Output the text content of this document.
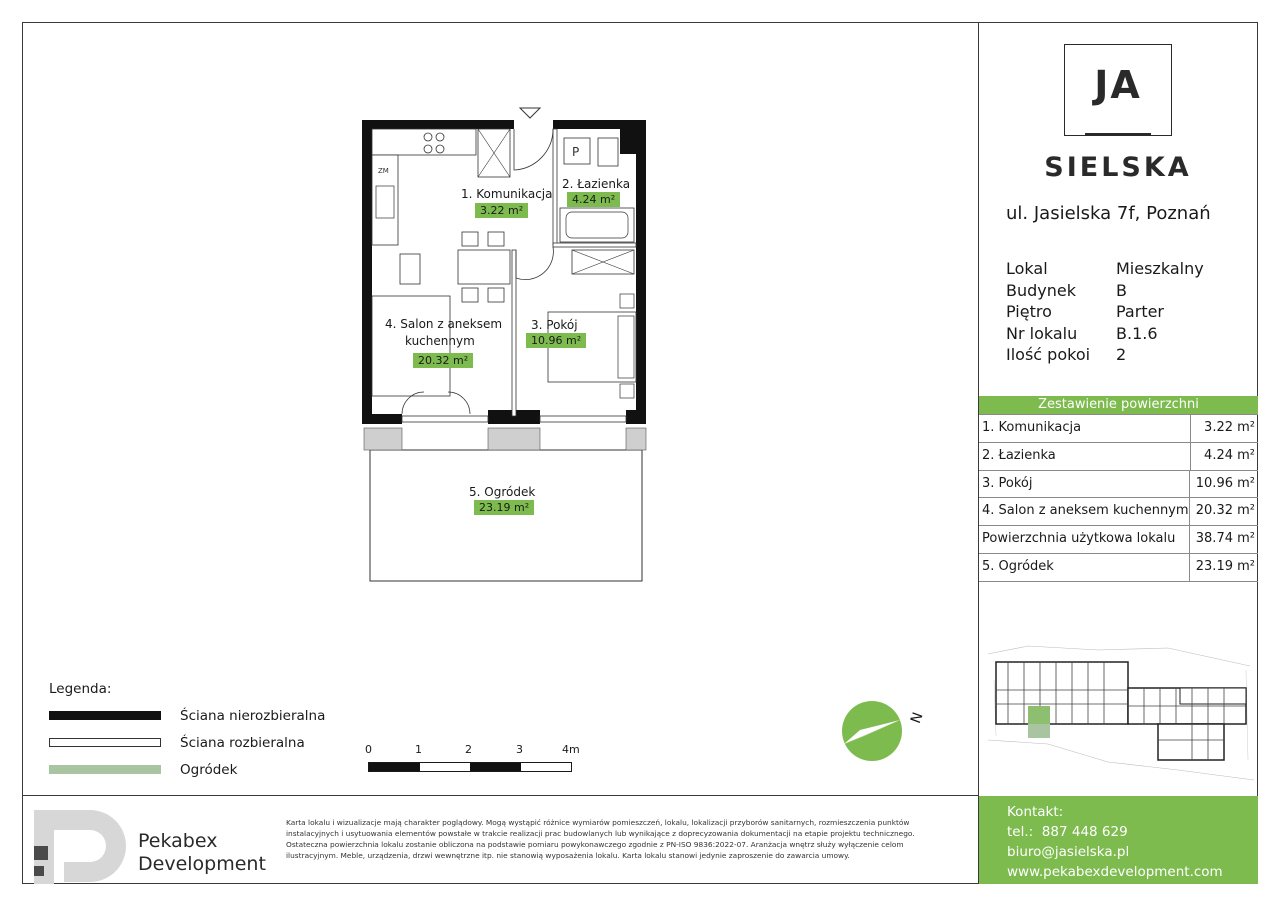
ZM
P
1. Komunikacja
3.22 m²
2. Łazienka
4.24 m²
3. Pokój
10.96 m²
4. Salon z aneksem
kuchennym
20.32 m²
5. Ogródek
23.19 m²
N
Legenda:
Ściana nierozbieralna
Ściana rozbieralna
Ogródek
0	1	2	3	4m
JA
SIELSKA
ul. Jasielska 7f, Poznań
Lokal	Mieszkalny
Budynek	B
Piętro	Parter
Nr lokalu	B.1.6
Ilość pokoi	2
Zestawienie powierzchni
1. Komunikacja	3.22 m²
2. Łazienka	4.24 m²
3. Pokój	10.96 m²
4. Salon z aneksem kuchennym 20.32 m²
Powierzchnia użytkowa lokalu	38.74 m²
5. Ogródek	23.19 m²
Kontakt:
tel.: 887 448 629
biuro@jasielska.pl
www.pekabexdevelopment.com
Pekabex
Development
Karta lokalu i wizualizacje mają charakter poglądowy. Mogą wystąpić różnice wymiarów pomieszczeń, lokalu, lokalizacji przyborów sanitarnych, rozmieszczenia punktów instalacyjnych i usytuowania elementów powstałe w trakcie realizacji prac budowlanych lub wynikające z doprecyzowania dokumentacji na etapie projektu technicznego. Ostateczna powierzchnia lokalu zostanie obliczona na podstawie pomiaru powykonawczego zgodnie z PN-ISO 9836:2022-07. Aranżacja wnętrz służy wyłączenie celom ilustracyjnym. Meble, urządzenia, drzwi wewnętrzne itp. nie stanowią wyposażenia lokalu. Karta lokalu stanowi jedynie zaproszenie do zawarcia umowy.
